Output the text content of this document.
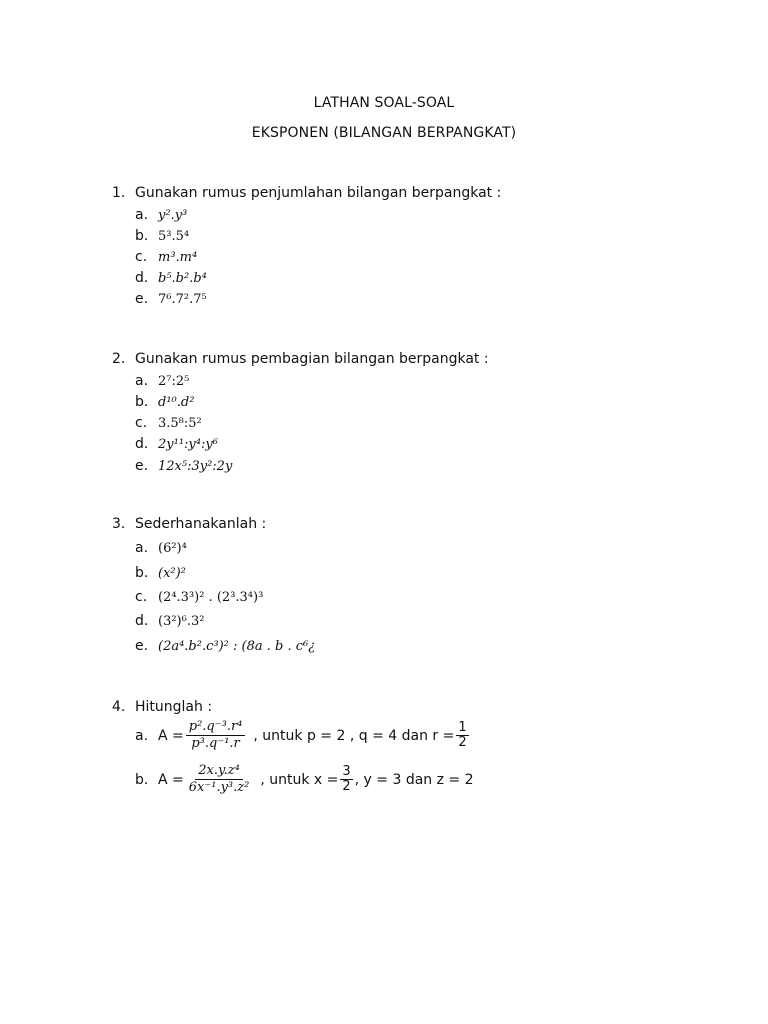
LATHAN SOAL-SOAL
EKSPONEN (BILANGAN BERPANGKAT)
1. Gunakan rumus penjumlahan bilangan berpangkat :
a. y².y³
b. 5³.5⁴
c. m³.m⁴
d. b⁵.b².b⁴
e. 7⁶.7².7⁵
2. Gunakan rumus pembagian bilangan berpangkat :
a. 2⁷:2⁵
b. d¹⁰.d²
c. 3.5⁸:5²
d. 2y¹¹:y⁴:y⁶
e. 12x⁵:3y²:2y
3. Sederhanakanlah :
a. (6²)⁴
b. (x²)²
c. (2⁴.3³)² . (2³.3⁴)³
d. (3²)⁶.3²
e. (2a⁴.b².c³)² : (8a . b . c⁶¿
4. Hitunglah :
a. $A = \frac{\text{p².q⁻³.r⁴}}{\text{p³.q⁻¹.r}}$ , untuk p = 2 , q = 4 dan $r = \frac{1}{2}$
b. $A = \frac{\text{2x.y.z⁴}}{\text{6x⁻¹.y³.z²}}$ , untuk $x = \frac{3}{2}$ , y = 3 dan z = 2
